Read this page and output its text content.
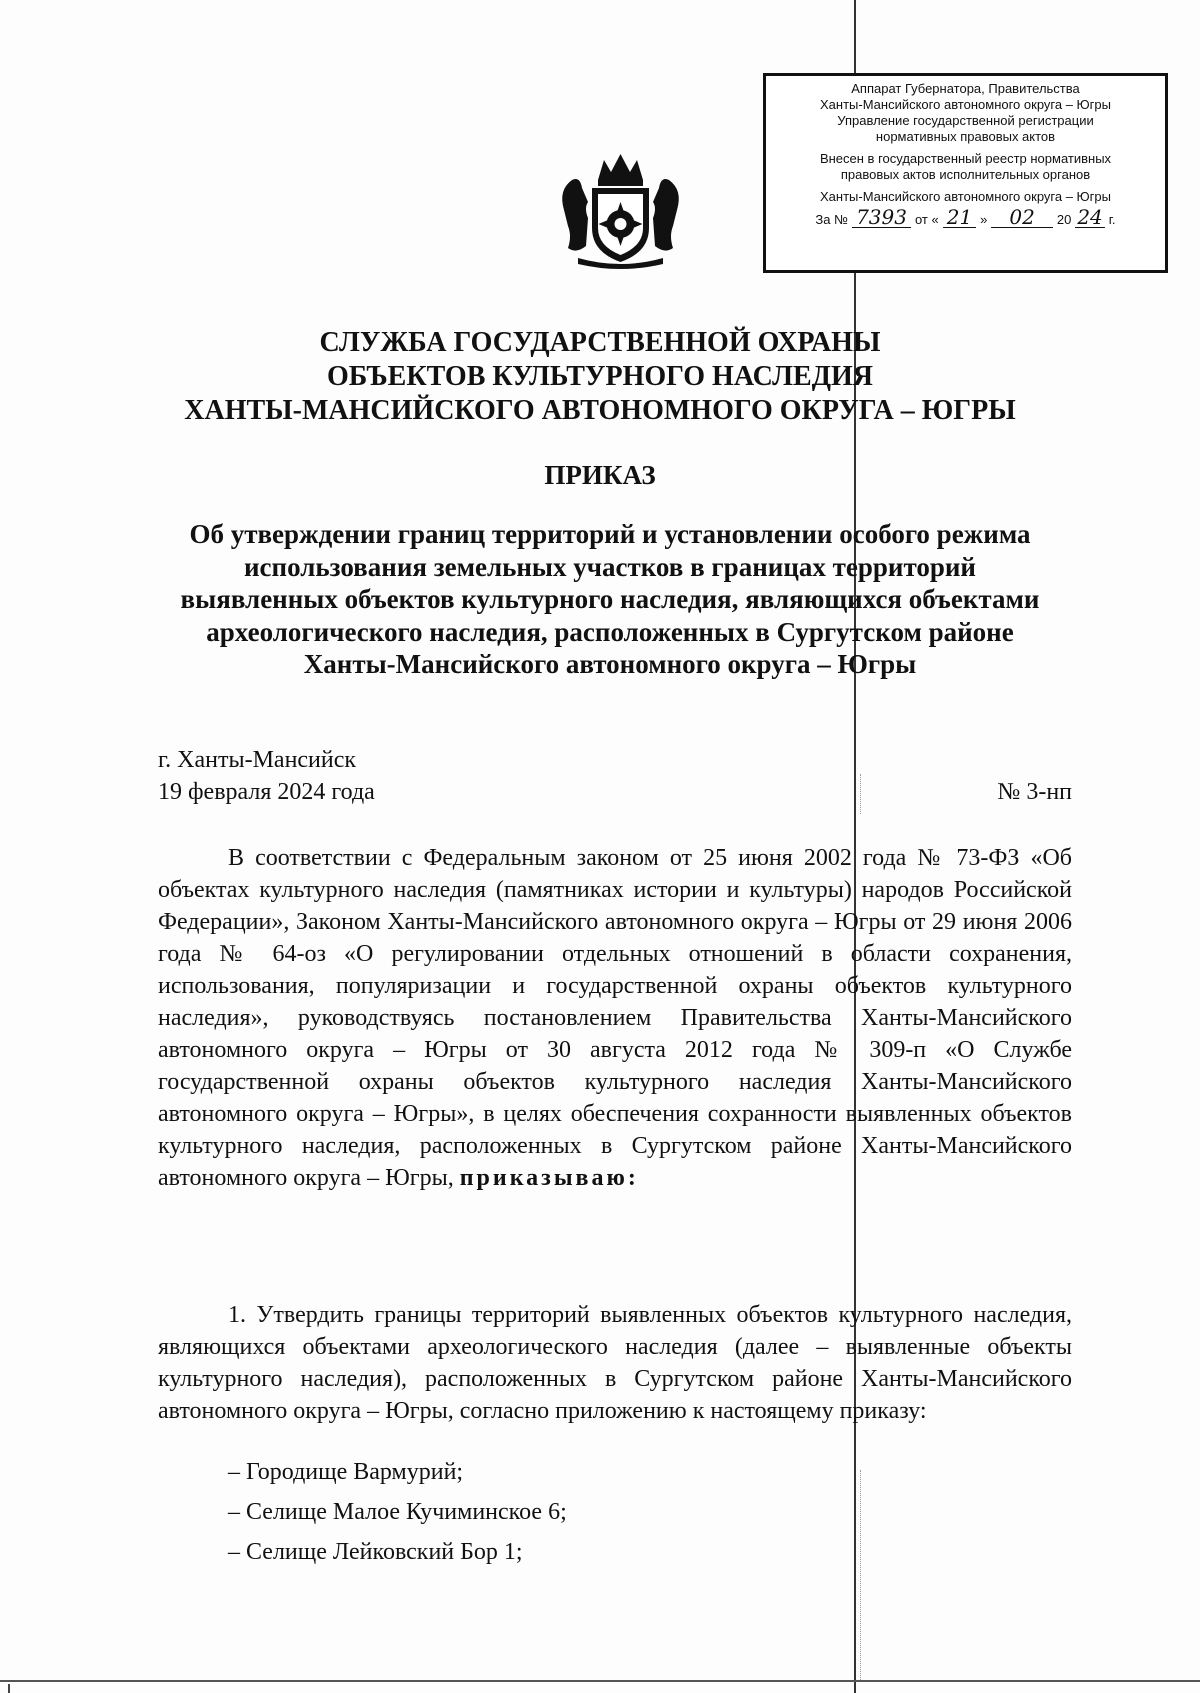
Аппарат Губернатора, Правительства
Ханты-Мансийского автономного округа – Югры
Управление государственной регистрации
нормативных правовых актов
Внесен в государственный реестр нормативных
правовых актов исполнительных органов
Ханты-Мансийского автономного округа – Югры
За № 7393 от « 21 »	02	20 24 г.
СЛУЖБА ГОСУДАРСТВЕННОЙ ОХРАНЫ
ОБЪЕКТОВ КУЛЬТУРНОГО НАСЛЕДИЯ
ХАНТЫ-МАНСИЙСКОГО АВТОНОМНОГО ОКРУГА – ЮГРЫ
ПРИКАЗ
Об утверждении границ территорий и установлении особого режима
использования земельных участков в границах территорий
выявленных объектов культурного наследия, являющихся объектами
археологического наследия, расположенных в Сургутском районе
Ханты-Мансийского автономного округа – Югры
г. Ханты-Мансийск
19 февраля 2024 года	№ 3-нп
В соответствии с Федеральным законом от 25 июня 2002 года № 73-ФЗ «Об объектах культурного наследия (памятниках истории и культуры) народов Российской Федерации», Законом Ханты-Мансийского автономного округа – Югры от 29 июня 2006 года № 64-оз «О регулировании отдельных отношений в области сохранения, использования, популяризации и государственной охраны объектов культурного наследия», руководствуясь постановлением Правительства Ханты-Мансийского автономного округа – Югры от 30 августа 2012 года № 309-п «О Службе государственной охраны объектов культурного наследия Ханты-Мансийского автономного округа – Югры», в целях обеспечения сохранности выявленных объектов культурного наследия, расположенных в Сургутском районе Ханты-Мансийского автономного округа – Югры, приказываю:
1. Утвердить границы территорий выявленных объектов культурного наследия, являющихся объектами археологического наследия (далее – выявленные объекты культурного наследия), расположенных в Сургутском районе Ханты-Мансийского автономного округа – Югры, согласно приложению к настоящему приказу:
– Городище Вармурий;
– Селище Малое Кучиминское 6;
– Селище Лейковский Бор 1;
